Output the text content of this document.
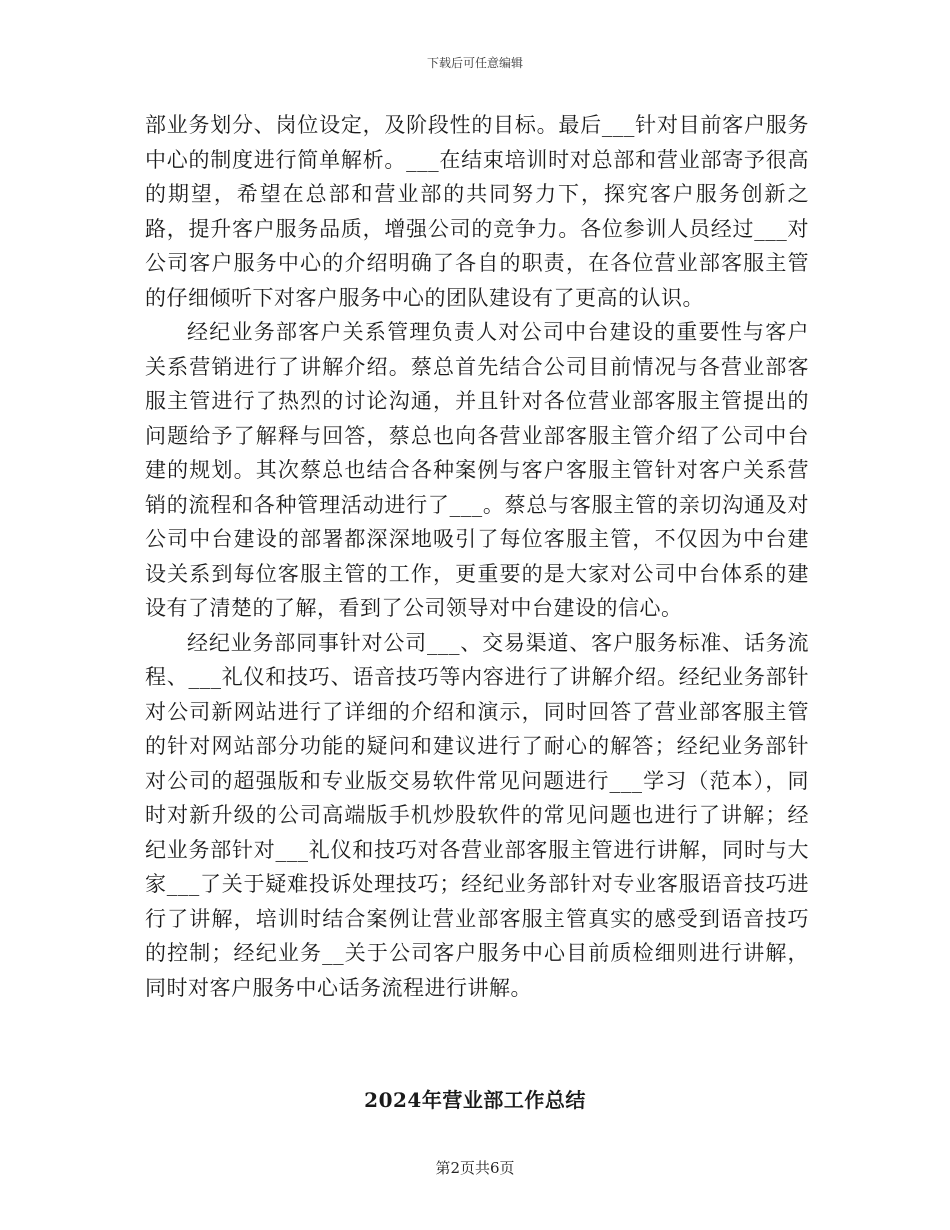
下载后可任意编辑

部业务划分、岗位设定，及阶段性的目标。最后___针对目前客户服务中心的制度进行简单解析。___在结束培训时对总部和营业部寄予很高的期望，希望在总部和营业部的共同努力下，探究客户服务创新之路，提升客户服务品质，增强公司的竞争力。各位参训人员经过___对公司客户服务中心的介绍明确了各自的职责，在各位营业部客服主管的仔细倾听下对客户服务中心的团队建设有了更高的认识。

经纪业务部客户关系管理负责人对公司中台建设的重要性与客户关系营销进行了讲解介绍。蔡总首先结合公司目前情况与各营业部客服主管进行了热烈的讨论沟通，并且针对各位营业部客服主管提出的问题给予了解释与回答，蔡总也向各营业部客服主管介绍了公司中台建的规划。其次蔡总也结合各种案例与客户客服主管针对客户关系营销的流程和各种管理活动进行了___。蔡总与客服主管的亲切沟通及对公司中台建设的部署都深深地吸引了每位客服主管，不仅因为中台建设关系到每位客服主管的工作，更重要的是大家对公司中台体系的建设有了清楚的了解，看到了公司领导对中台建设的信心。

经纪业务部同事针对公司___、交易渠道、客户服务标准、话务流程、___礼仪和技巧、语音技巧等内容进行了讲解介绍。经纪业务部针对公司新网站进行了详细的介绍和演示，同时回答了营业部客服主管的针对网站部分功能的疑问和建议进行了耐心的解答；经纪业务部针对公司的超强版和专业版交易软件常见问题进行___学习（范本），同时对新升级的公司高端版手机炒股软件的常见问题也进行了讲解；经纪业务部针对___礼仪和技巧对各营业部客服主管进行讲解，同时与大家___了关于疑难投诉处理技巧；经纪业务部针对专业客服语音技巧进行了讲解，培训时结合案例让营业部客服主管真实的感受到语音技巧的控制；经纪业务__关于公司客户服务中心目前质检细则进行讲解，同时对客户服务中心话务流程进行讲解。

2024年营业部工作总结
第2页共6页
